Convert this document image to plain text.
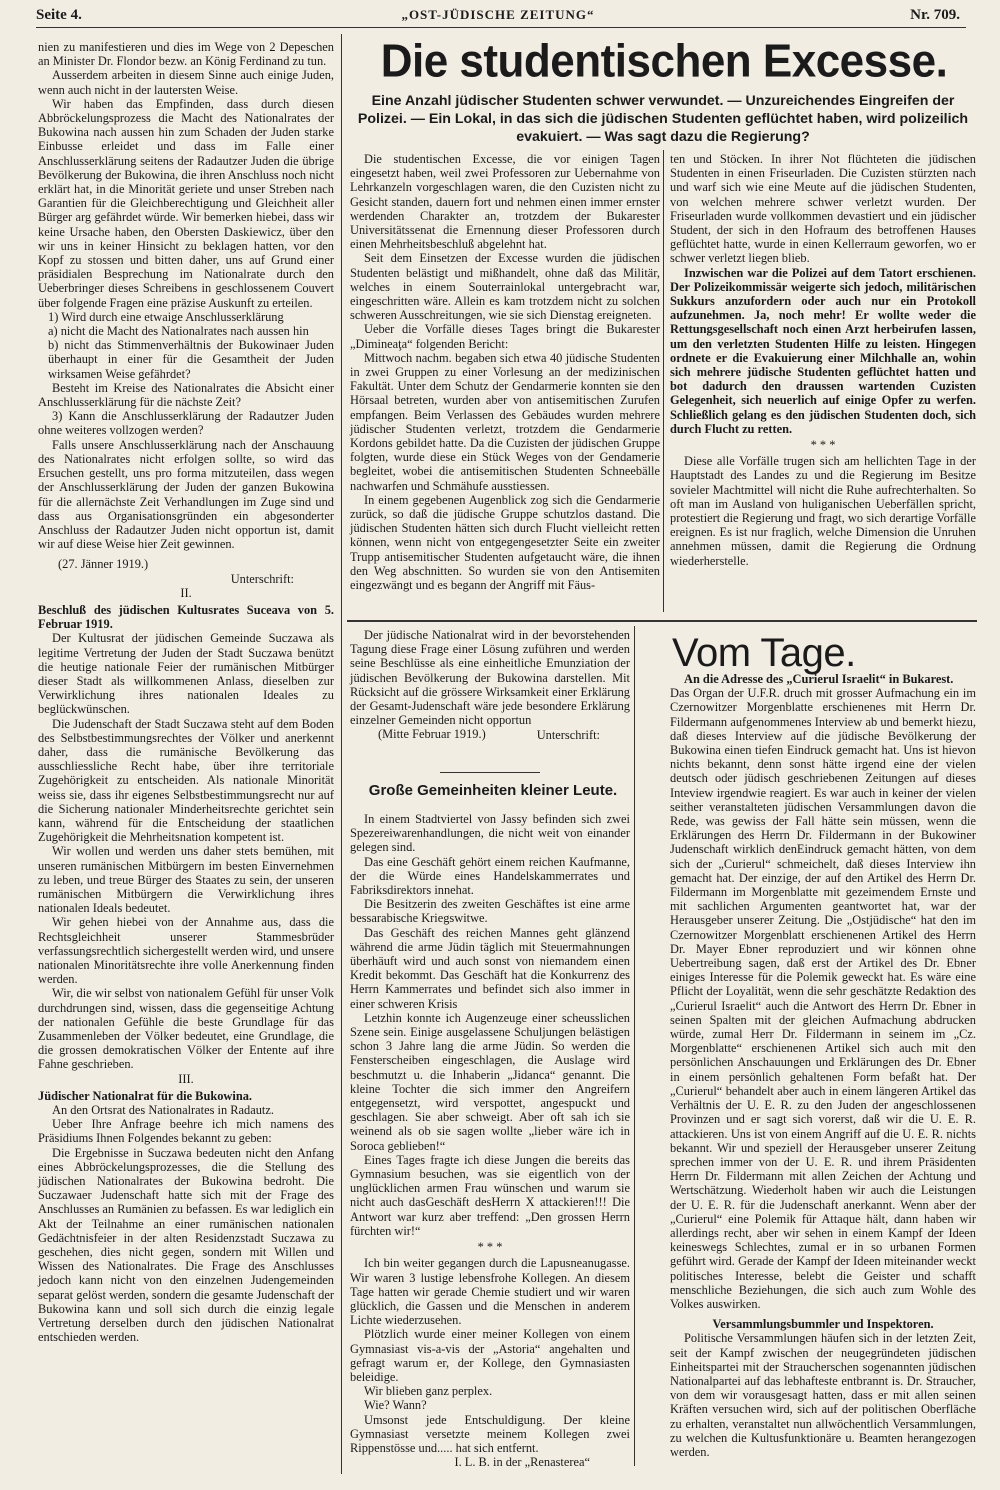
Seite 4.	„OST-JÜDISCHE ZEITUNG“	Nr. 709.

nien zu manifestieren und dies im Wege von 2 Depeschen an Minister Dr. Flondor bezw. an König Ferdinand zu tun.

Ausserdem arbeiten in diesem Sinne auch einige Juden, wenn auch nicht in der lautersten Weise.

Wir haben das Empfinden, dass durch diesen Abbröckelungsprozess die Macht des Nationalrates der Bukowina nach aussen hin zum Schaden der Juden starke Einbusse erleidet und dass im Falle einer Anschlusserklärung seitens der Radautzer Juden die übrige Bevölkerung der Bukowina, die ihren Anschluss noch nicht erklärt hat, in die Minorität geriete und unser Streben nach Garantien für die Gleichberechtigung und Gleichheit aller Bürger arg gefährdet würde. Wir bemerken hiebei, dass wir keine Ursache haben, den Obersten Daskiewicz, über den wir uns in keiner Hinsicht zu beklagen hatten, vor den Kopf zu stossen und bitten daher, uns auf Grund einer präsidialen Besprechung im Nationalrate durch den Ueberbringer dieses Schreibens in geschlossenem Couvert über folgende Fragen eine präzise Auskunft zu erteilen.

1) Wird durch eine etwaige Anschlusserklärung

a) nicht die Macht des Nationalrates nach aussen hin

b) nicht das Stimmenverhältnis der Bukowinaer Juden überhaupt in einer für die Gesamtheit der Juden wirksamen Weise gefährdet?

Besteht im Kreise des Nationalrates die Absicht einer Anschlusserklärung für die nächste Zeit?

3) Kann die Anschlusserklärung der Radautzer Juden ohne weiteres vollzogen werden?

Falls unsere Anschlusserklärung nach der Anschauung des Nationalrates nicht erfolgen sollte, so wird das Ersuchen gestellt, uns pro forma mitzuteilen, dass wegen der Anschlusserklärung der Juden der ganzen Bukowina für die allernächste Zeit Verhandlungen im Zuge sind und dass aus Organisationsgründen ein abgesonderter Anschluss der Radautzer Juden nicht opportun ist, damit wir auf diese Weise hier Zeit gewinnen.

(27. Jänner 1919.)

Unterschrift:

II.

Beschluß des jüdischen Kultusrates Suceava von 5. Februar 1919.

Der Kultusrat der jüdischen Gemeinde Suczawa als legitime Vertretung der Juden der Stadt Suczawa benützt die heutige nationale Feier der rumänischen Mitbürger dieser Stadt als willkommenen Anlass, dieselben zur Verwirklichung ihres nationalen Ideales zu beglückwünschen.

Die Judenschaft der Stadt Suczawa steht auf dem Boden des Selbstbestimmungsrechtes der Völker und anerkennt daher, dass die rumänische Bevölkerung das ausschliessliche Recht habe, über ihre territoriale Zugehörigkeit zu entscheiden. Als nationale Minorität weiss sie, dass ihr eigenes Selbstbestimmungsrecht nur auf die Sicherung nationaler Minderheitsrechte gerichtet sein kann, während für die Entscheidung der staatlichen Zugehörigkeit die Mehrheitsnation kompetent ist.

Wir wollen und werden uns daher stets bemühen, mit unseren rumänischen Mitbürgern im besten Einvernehmen zu leben, und treue Bürger des Staates zu sein, der unseren rumänischen Mitbürgern die Verwirklichung ihres nationalen Ideals bedeutet.

Wir gehen hiebei von der Annahme aus, dass die Rechtsgleichheit unserer Stammesbrüder verfassungsrechtlich sichergestellt werden wird, und unsere nationalen Minoritätsrechte ihre volle Anerkennung finden werden.

Wir, die wir selbst von nationalem Gefühl für unser Volk durchdrungen sind, wissen, dass die gegenseitige Achtung der nationalen Gefühle die beste Grundlage für das Zusammenleben der Völker bedeutet, eine Grundlage, die die grossen demokratischen Völker der Entente auf ihre Fahne geschrieben.

III.

Jüdischer Nationalrat für die Bukowina.

An den Ortsrat des Nationalrates in Radautz.

Ueber Ihre Anfrage beehre ich mich namens des Präsidiums Ihnen Folgendes bekannt zu geben:

Die Ergebnisse in Suczawa bedeuten nicht den Anfang eines Abbröckelungsprozesses, die die Stellung des jüdischen Nationalrates der Bukowina bedroht. Die Suczawaer Judenschaft hatte sich mit der Frage des Anschlusses an Rumänien zu befassen. Es war lediglich ein Akt der Teilnahme an einer rumänischen nationalen Gedächtnisfeier in der alten Residenzstadt Suczawa zu geschehen, dies nicht gegen, sondern mit Willen und Wissen des Nationalrates. Die Frage des Anschlusses jedoch kann nicht von den einzelnen Judengemeinden separat gelöst werden, sondern die gesamte Judenschaft der Bukowina kann und soll sich durch die einzig legale Vertretung derselben durch den jüdischen Nationalrat entschieden werden.

Die studentischen Excesse.
Eine Anzahl jüdischer Studenten schwer verwundet. — Unzureichendes Eingreifen der Polizei. — Ein Lokal, in das sich die jüdischen Studenten geflüchtet haben, wird polizeilich evakuiert. — Was sagt dazu die Regierung?

Die studentischen Excesse, die vor einigen Tagen eingesetzt haben, weil zwei Professoren zur Uebernahme von Lehrkanzeln vorgeschlagen waren, die den Cuzisten nicht zu Gesicht standen, dauern fort und nehmen einen immer ernster werdenden Charakter an, trotzdem der Bukarester Universitätssenat die Ernennung dieser Professoren durch einen Mehrheitsbeschluß abgelehnt hat.

Seit dem Einsetzen der Excesse wurden die jüdischen Studenten belästigt und mißhandelt, ohne daß das Militär, welches in einem Souterrainlokal untergebracht war, eingeschritten wäre. Allein es kam trotzdem nicht zu solchen schweren Ausschreitungen, wie sie sich Dienstag ereigneten.

Ueber die Vorfälle dieses Tages bringt die Bukarester „Dimineaţa“ folgenden Bericht:

Mittwoch nachm. begaben sich etwa 40 jüdische Studenten in zwei Gruppen zu einer Vorlesung an der medizinischen Fakultät. Unter dem Schutz der Gendarmerie konnten sie den Hörsaal betreten, wurden aber von antisemitischen Zurufen empfangen. Beim Verlassen des Gebäudes wurden mehrere jüdischer Studenten verletzt, trotzdem die Gendarmerie Kordons gebildet hatte. Da die Cuzisten der jüdischen Gruppe folgten, wurde diese ein Stück Weges von der Gendamerie begleitet, wobei die antisemitischen Studenten Schneebälle nachwarfen und Schmähufe ausstiessen.

In einem gegebenen Augenblick zog sich die Gendarmerie zurück, so daß die jüdische Gruppe schutzlos dastand. Die jüdischen Studenten hätten sich durch Flucht vielleicht retten können, wenn nicht von entgegengesetzter Seite ein zweiter Trupp antisemitischer Studenten aufgetaucht wäre, die ihnen den Weg abschnitten. So wurden sie von den Antisemiten eingezwängt und es begann der Angriff mit Fäus-

ten und Stöcken. In ihrer Not flüchteten die jüdischen Studenten in einen Friseurladen. Die Cuzisten stürzten nach und warf sich wie eine Meute auf die jüdischen Studenten, von welchen mehrere schwer verletzt wurden. Der Friseurladen wurde vollkommen devastiert und ein jüdischer Student, der sich in den Hofraum des betroffenen Hauses geflüchtet hatte, wurde in einen Kellerraum geworfen, wo er schwer verletzt liegen blieb.

Inzwischen war die Polizei auf dem Tatort erschienen. Der Polizeikommissär weigerte sich jedoch, militärischen Sukkurs anzufordern oder auch nur ein Protokoll aufzunehmen. Ja, noch mehr! Er wollte weder die Rettungsgesellschaft noch einen Arzt herbeirufen lassen, um den verletzten Studenten Hilfe zu leisten. Hingegen ordnete er die Evakuierung einer Milchhalle an, wohin sich mehrere jüdische Studenten geflüchtet hatten und bot dadurch den draussen wartenden Cuzisten Gelegenheit, sich neuerlich auf einige Opfer zu werfen. Schließlich gelang es den jüdischen Studenten doch, sich durch Flucht zu retten.

* * *

Diese alle Vorfälle trugen sich am hellichten Tage in der Hauptstadt des Landes zu und die Regierung im Besitze sovieler Machtmittel will nicht die Ruhe aufrechterhalten. So oft man im Ausland von huliganischen Ueberfällen spricht, protestiert die Regierung und fragt, wo sich derartige Vorfälle ereignen. Es ist nur fraglich, welche Dimension die Unruhen annehmen müssen, damit die Regierung die Ordnung wiederherstelle.

Der jüdische Nationalrat wird in der bevorstehenden Tagung diese Frage einer Lösung zuführen und werden seine Beschlüsse als eine einheitliche Emunziation der jüdischen Bevölkerung der Bukowina darstellen. Mit Rücksicht auf die grössere Wirksamkeit einer Erklärung der Gesamt-Judenschaft wäre jede besondere Erklärung einzelner Gemeinden nicht opportun

(Mitte Februar 1919.)	Unterschrift:

Große Gemeinheiten kleiner Leute.

In einem Stadtviertel von Jassy befinden sich zwei Spezereiwarenhandlungen, die nicht weit von einander gelegen sind.

Das eine Geschäft gehört einem reichen Kaufmanne, der die Würde eines Handelskammerrates und Fabriksdirektors innehat.

Die Besitzerin des zweiten Geschäftes ist eine arme bessarabische Kriegswitwe.

Das Geschäft des reichen Mannes geht glänzend während die arme Jüdin täglich mit Steuermahnungen überhäuft wird und auch sonst von niemandem einen Kredit bekommt. Das Geschäft hat die Konkurrenz des Herrn Kammerrates und befindet sich also immer in einer schweren Krisis

Letzhin konnte ich Augenzeuge einer scheusslichen Szene sein. Einige ausgelassene Schuljungen belästigen schon 3 Jahre lang die arme Jüdin. So werden die Fensterscheiben eingeschlagen, die Auslage wird beschmutzt u. die Inhaberin „Jidanca“ genannt. Die kleine Tochter die sich immer den Angreifern entgegensetzt, wird verspottet, angespuckt und geschlagen. Sie aber schweigt. Aber oft sah ich sie weinend als ob sie sagen wollte „lieber wäre ich in Soroca geblieben!“

Eines Tages fragte ich diese Jungen die bereits das Gymnasium besuchen, was sie eigentlich von der unglücklichen armen Frau wünschen und warum sie nicht auch dasGeschäft desHerrn X attackieren!!! Die Antwort war kurz aber treffend: „Den grossen Herrn fürchten wir!“

* * *

Ich bin weiter gegangen durch die Lapusneanugasse. Wir waren 3 lustige lebensfrohe Kollegen. An diesem Tage hatten wir gerade Chemie studiert und wir waren glücklich, die Gassen und die Menschen in anderem Lichte wiederzusehen.

Plötzlich wurde einer meiner Kollegen von einem Gymnasiast vis-a-vis der „Astoria“ angehalten und gefragt warum er, der Kollege, den Gymnasiasten beleidige.

Wir blieben ganz perplex.

Wie? Wann?

Umsonst jede Entschuldigung. Der kleine Gymnasiast versetzte meinem Kollegen zwei Rippenstösse und..... hat sich entfernt.

I. L. B. in der „Renasterea“

Vom Tage.

An die Adresse des „Curierul Israelit“ in Bukarest.

Das Organ der U.F.R. druch mit grosser Aufmachung ein im Czernowitzer Morgenblatte erschienenes mit Herrn Dr. Fildermann aufgenommenes Interview ab und bemerkt hiezu, daß dieses Interview auf die jüdische Bevölkerung der Bukowina einen tiefen Eindruck gemacht hat. Uns ist hievon nichts bekannt, denn sonst hätte irgend eine der vielen deutsch oder jüdisch geschriebenen Zeitungen auf dieses Inteview irgendwie reagiert. Es war auch in keiner der vielen seither veranstalteten jüdischen Versammlungen davon die Rede, was gewiss der Fall hätte sein müssen, wenn die Erklärungen des Herrn Dr. Fildermann in der Bukowiner Judenschaft wirklich denEindruck gemacht hätten, von dem sich der „Curierul“ schmeichelt, daß dieses Interview ihn gemacht hat. Der einzige, der auf den Artikel des Herrn Dr. Fildermann im Morgenblatte mit gezeimendem Ernste und mit sachlichen Argumenten geantwortet hat, war der Herausgeber unserer Zeitung. Die „Ostjüdische“ hat den im Czernowitzer Morgenblatt erschienenen Artikel des Herrn Dr. Mayer Ebner reproduziert und wir können ohne Uebertreibung sagen, daß erst der Artikel des Dr. Ebner einiges Interesse für die Polemik geweckt hat. Es wäre eine Pflicht der Loyalität, wenn die sehr geschätzte Redaktion des „Curierul Israelit“ auch die Antwort des Herrn Dr. Ebner in seinen Spalten mit der gleichen Aufmachung abdrucken würde, zumal Herr Dr. Fildermann in seinem im „Cz. Morgenblatte“ erschienenen Artikel sich auch mit den persönlichen Anschauungen und Erklärungen des Dr. Ebner in einem persönlich gehaltenen Form befaßt hat. Der „Curierul“ behandelt aber auch in einem längeren Artikel das Verhältnis der U. E. R. zu den Juden der angeschlossenen Provinzen und er sagt sich vorerst, daß wir die U. E. R. attackieren. Uns ist von einem Angriff auf die U. E. R. nichts bekannt. Wir und speziell der Herausgeber unserer Zeitung sprechen immer von der U. E. R. und ihrem Präsidenten Herrn Dr. Fildermann mit allen Zeichen der Achtung und Wertschätzung. Wiederholt haben wir auch die Leistungen der U. E. R. für die Judenschaft anerkannt. Wenn aber der „Curierul“ eine Polemik für Attaque hält, dann haben wir allerdings recht, aber wir sehen in einem Kampf der Ideen keineswegs Schlechtes, zumal er in so urbanen Formen geführt wird. Gerade der Kampf der Ideen miteinander weckt politisches Interesse, belebt die Geister und schafft menschliche Beziehungen, die sich auch zum Wohle des Volkes auswirken.

Versammlungsbummler und Inspektoren.

Politische Versammlungen häufen sich in der letzten Zeit, seit der Kampf zwischen der neugegründeten jüdischen Einheitspartei mit der Straucherschen sogenannten jüdischen Nationalpartei auf das lebhafteste entbrannt is. Dr. Straucher, von dem wir vorausgesagt hatten, dass er mit allen seinen Kräften versuchen wird, sich auf der politischen Oberfläche zu erhalten, veranstaltet nun allwöchentlich Versammlungen, zu welchen die Kultusfunktionäre u. Beamten herangezogen werden.
